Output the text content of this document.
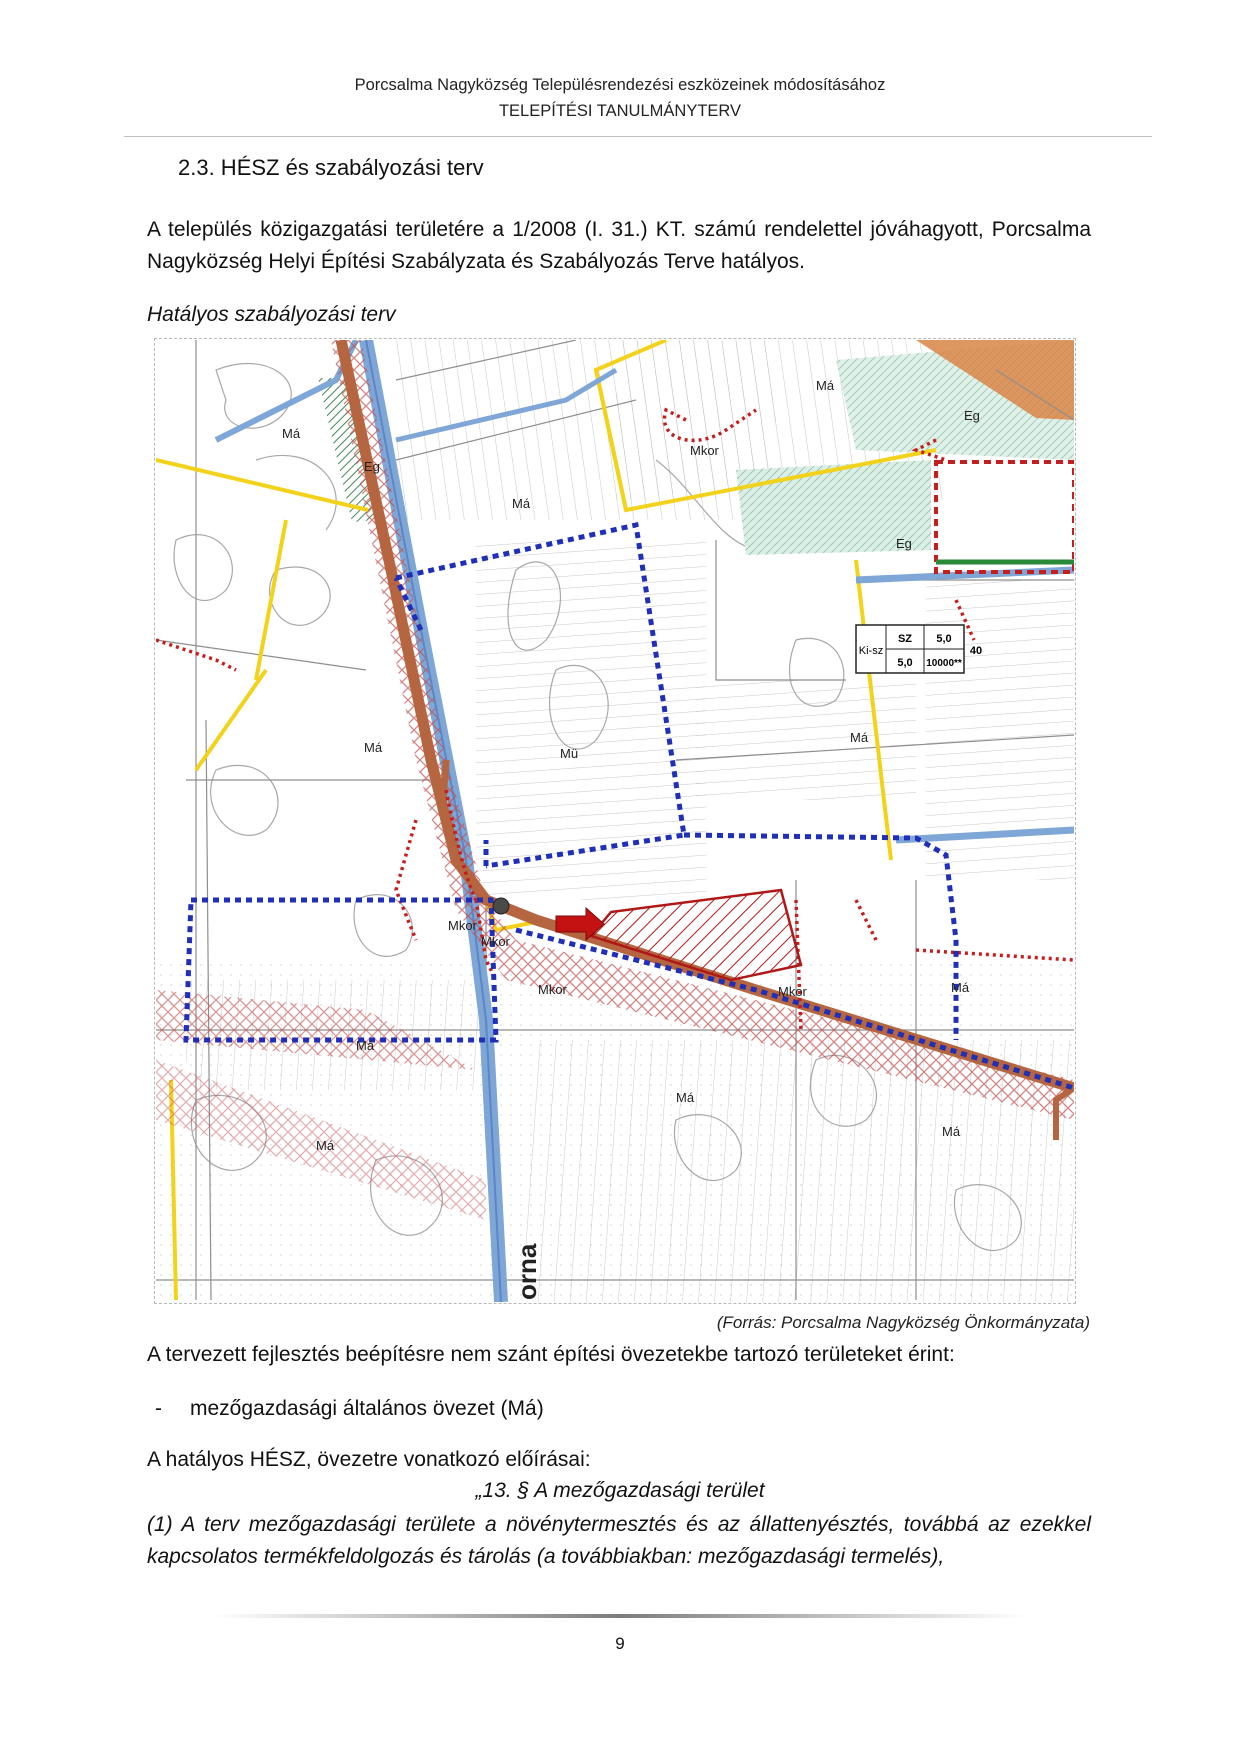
Porcsalma Nagyközség Településrendezési eszközeinek módosításához
TELEPÍTÉSI TANULMÁNYTERV
2.3. HÉSZ és szabályozási terv
A település közigazgatási területére a 1/2008 (I. 31.) KT. számú rendelettel jóváhagyott, Porcsalma Nagyközség Helyi Építési Szabályzata és Szabályozás Terve hatályos.
Hatályos szabályozási terv
Ki-sz
SZ 5,0
40
5,0 10000**
Má
Eg
Má
Mkor
Má
Eg
Eg
Má	Mü
Má
Mkor
Mkor
Mkor	Mkor	Má
Má
Má
Má
Má
orna
(Forrás: Porcsalma Nagyközség Önkormányzata)
A tervezett fejlesztés beépítésre nem szánt építési övezetekbe tartozó területeket érint:
- mezőgazdasági általános övezet (Má)
A hatályos HÉSZ, övezetre vonatkozó előírásai:
„13. § A mezőgazdasági terület
(1) A terv mezőgazdasági területe a növénytermesztés és az állattenyésztés, továbbá az ezekkel kapcsolatos termékfeldolgozás és tárolás (a továbbiakban: mezőgazdasági termelés),
9
